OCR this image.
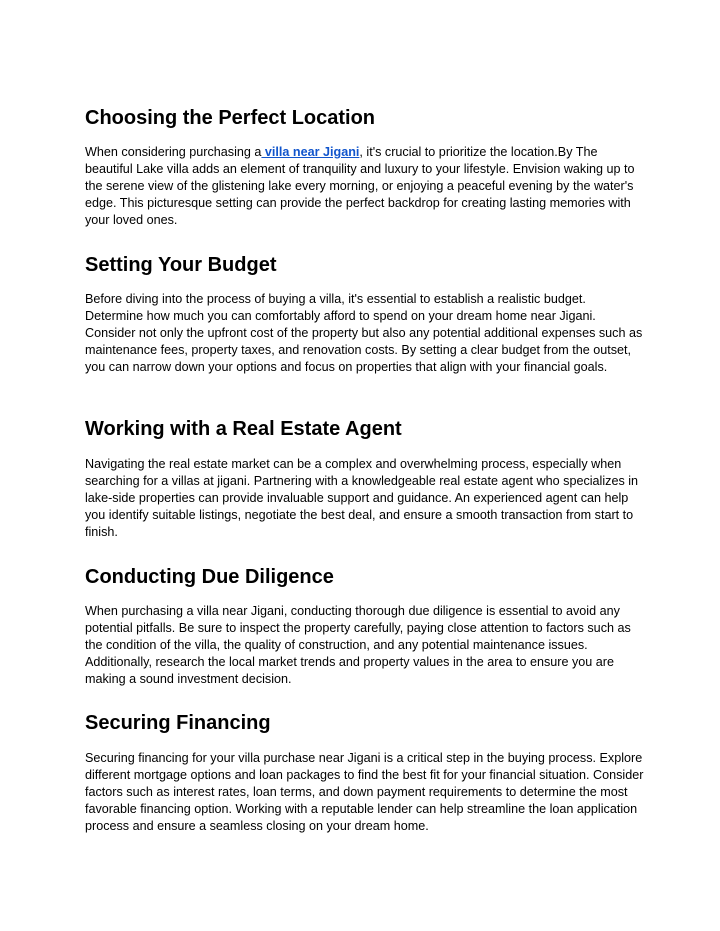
Choosing the Perfect Location

When considering purchasing a villa near Jigani, it's crucial to prioritize the location.By The beautiful Lake villa adds an element of tranquility and luxury to your lifestyle. Envision waking up to the serene view of the glistening lake every morning, or enjoying a peaceful evening by the water's edge. This picturesque setting can provide the perfect backdrop for creating lasting memories with your loved ones.

Setting Your Budget

Before diving into the process of buying a villa, it's essential to establish a realistic budget. Determine how much you can comfortably afford to spend on your dream home near Jigani. Consider not only the upfront cost of the property but also any potential additional expenses such as maintenance fees, property taxes, and renovation costs. By setting a clear budget from the outset, you can narrow down your options and focus on properties that align with your financial goals.

Working with a Real Estate Agent

Navigating the real estate market can be a complex and overwhelming process, especially when searching for a villas at jigani. Partnering with a knowledgeable real estate agent who specializes in lake-side properties can provide invaluable support and guidance. An experienced agent can help you identify suitable listings, negotiate the best deal, and ensure a smooth transaction from start to finish.

Conducting Due Diligence

When purchasing a villa near Jigani, conducting thorough due diligence is essential to avoid any potential pitfalls. Be sure to inspect the property carefully, paying close attention to factors such as the condition of the villa, the quality of construction, and any potential maintenance issues. Additionally, research the local market trends and property values in the area to ensure you are making a sound investment decision.

Securing Financing

Securing financing for your villa purchase near Jigani is a critical step in the buying process. Explore different mortgage options and loan packages to find the best fit for your financial situation. Consider factors such as interest rates, loan terms, and down payment requirements to determine the most favorable financing option. Working with a reputable lender can help streamline the loan application process and ensure a seamless closing on your dream home.
